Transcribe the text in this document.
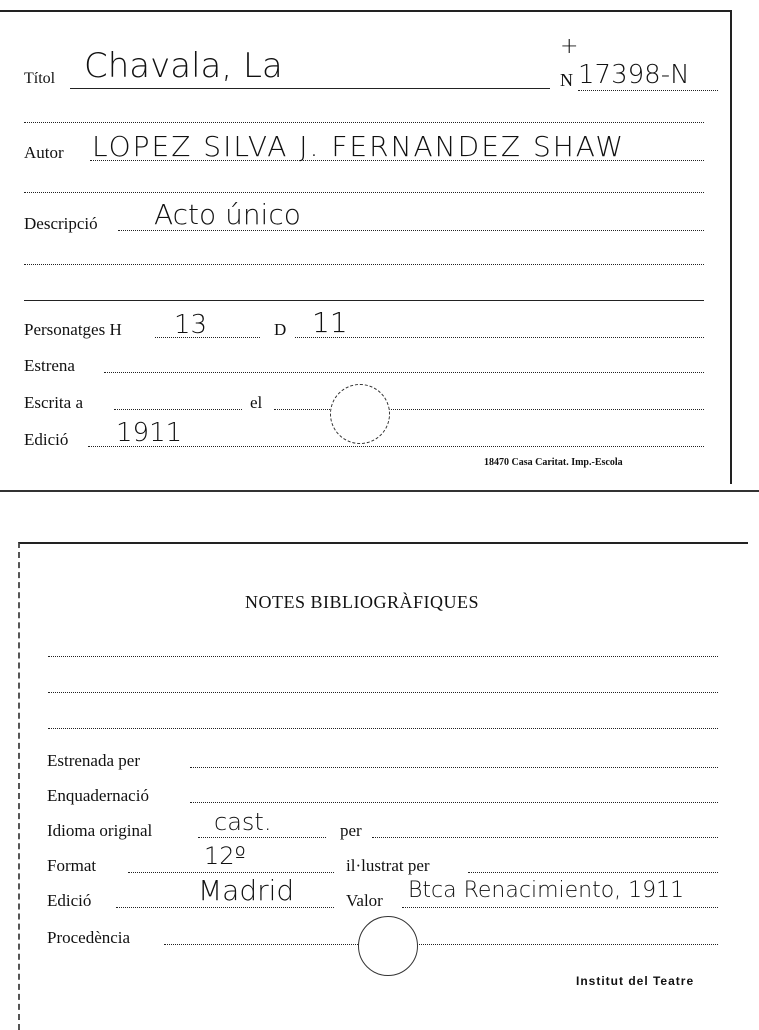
Títol Chavala, La	+
N 17398-N
Autor LOPEZ SILVA J. FERNANDEZ SHAW
Descripció Acto único
Personatges H 13	D 11
Estrena
Escrita a	el
Edició 1911
18470 Casa Caritat. Imp.-Escola
NOTES BIBLIOGRÀFIQUES
Estrenada per
Enquadernació
Idioma original	cast.	per
Format	12º	il·lustrat per
Edició	Madrid	Valor Btca Renacimiento, 1911
Procedència
Institut del Teatre
